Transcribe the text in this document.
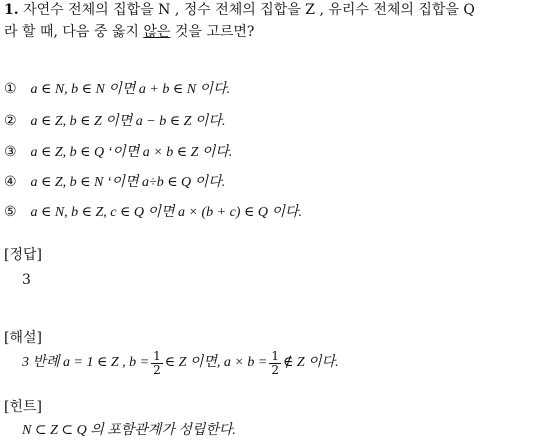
1. 자연수 전체의 집합을 N , 정수 전체의 집합을 Z , 유리수 전체의 집합을 Q
라 할 때, 다음 중 옳지 않은 것을 고르면?
① a ∈ N, b ∈ N 이면 a + b ∈ N 이다.
② a ∈ Z, b ∈ Z 이면 a − b ∈ Z 이다.
③ a ∈ Z, b ∈ Q ‘이면 a × b ∈ Z 이다.
④ a ∈ Z, b ∈ N ‘이면 a÷b ∈ Q 이다.
⑤ a ∈ N, b ∈ Z, c ∈ Q 이면 a × (b + c) ∈ Q 이다.
[정답]
3
[해설]
3 반례 a = 1 ∈ Z , $b = \frac{1}{2}$ ∈ Z 이면, $a \times b = \frac{1}{2}$ ∉ Z 이다.
[힌트]
N ⊂ Z ⊂ Q 의 포함관계가 성립한다.
